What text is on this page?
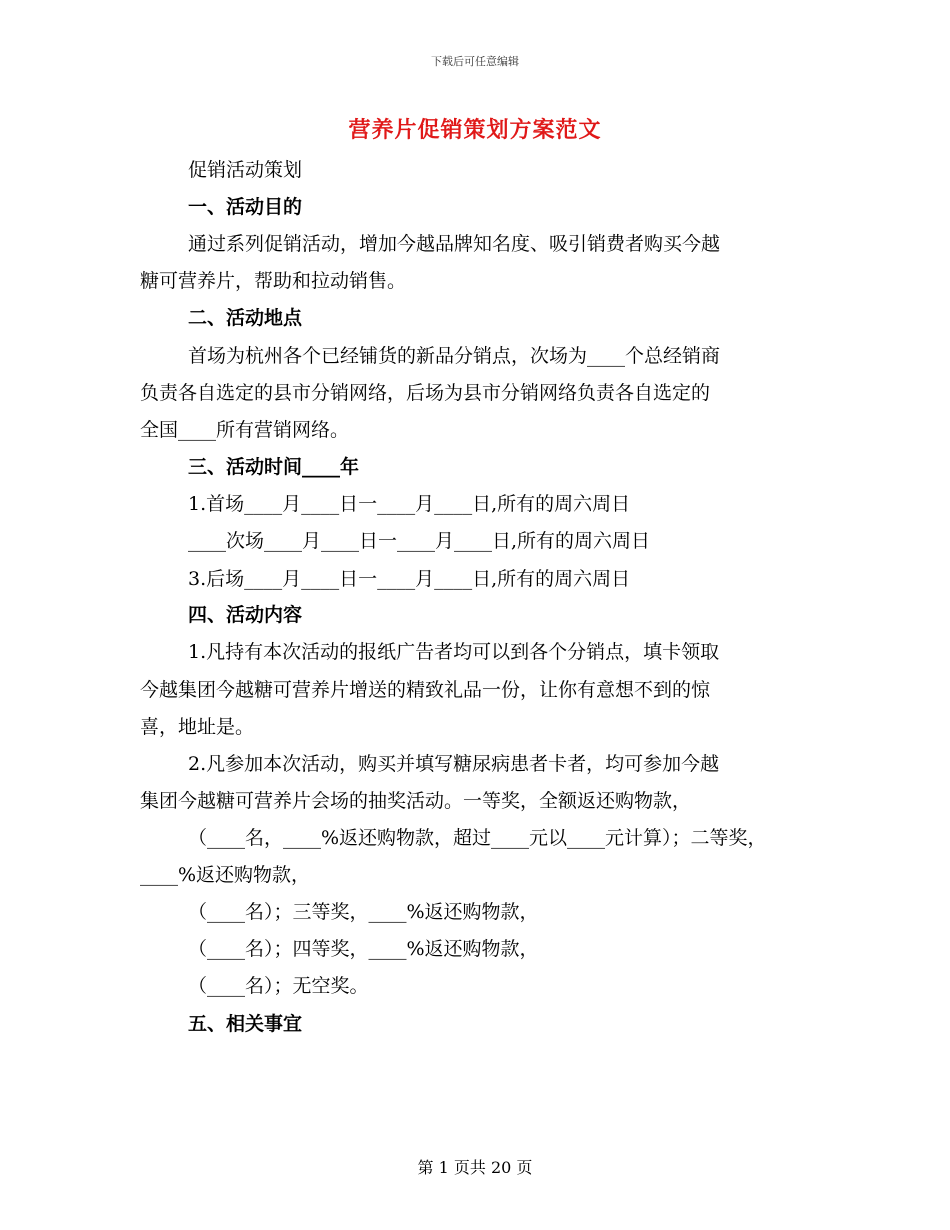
下载后可任意编辑
营养片促销策划方案范文
促销活动策划
一、活动目的
通过系列促销活动，增加今越品牌知名度、吸引销费者购买今越
糖可营养片，帮助和拉动销售。
二、活动地点
首场为杭州各个已经铺货的新品分销点，次场为____个总经销商
负责各自选定的县市分销网络，后场为县市分销网络负责各自选定的
全国____所有营销网络。
三、活动时间____年
1.首场____月____日一____月____日,所有的周六周日
____次场____月____日一____月____日,所有的周六周日
3.后场____月____日一____月____日,所有的周六周日
四、活动内容
1.凡持有本次活动的报纸广告者均可以到各个分销点，填卡领取
今越集团今越糖可营养片增送的精致礼品一份，让你有意想不到的惊
喜，地址是。
2.凡参加本次活动，购买并填写糖尿病患者卡者，均可参加今越
集团今越糖可营养片会场的抽奖活动。一等奖，全额返还购物款，
（____名，____%返还购物款，超过____元以____元计算）；二等奖，
____%返还购物款，
（____名）；三等奖，____%返还购物款，
（____名）；四等奖，____%返还购物款，
（____名）；无空奖。
五、相关事宜
第 1 页共 20 页
